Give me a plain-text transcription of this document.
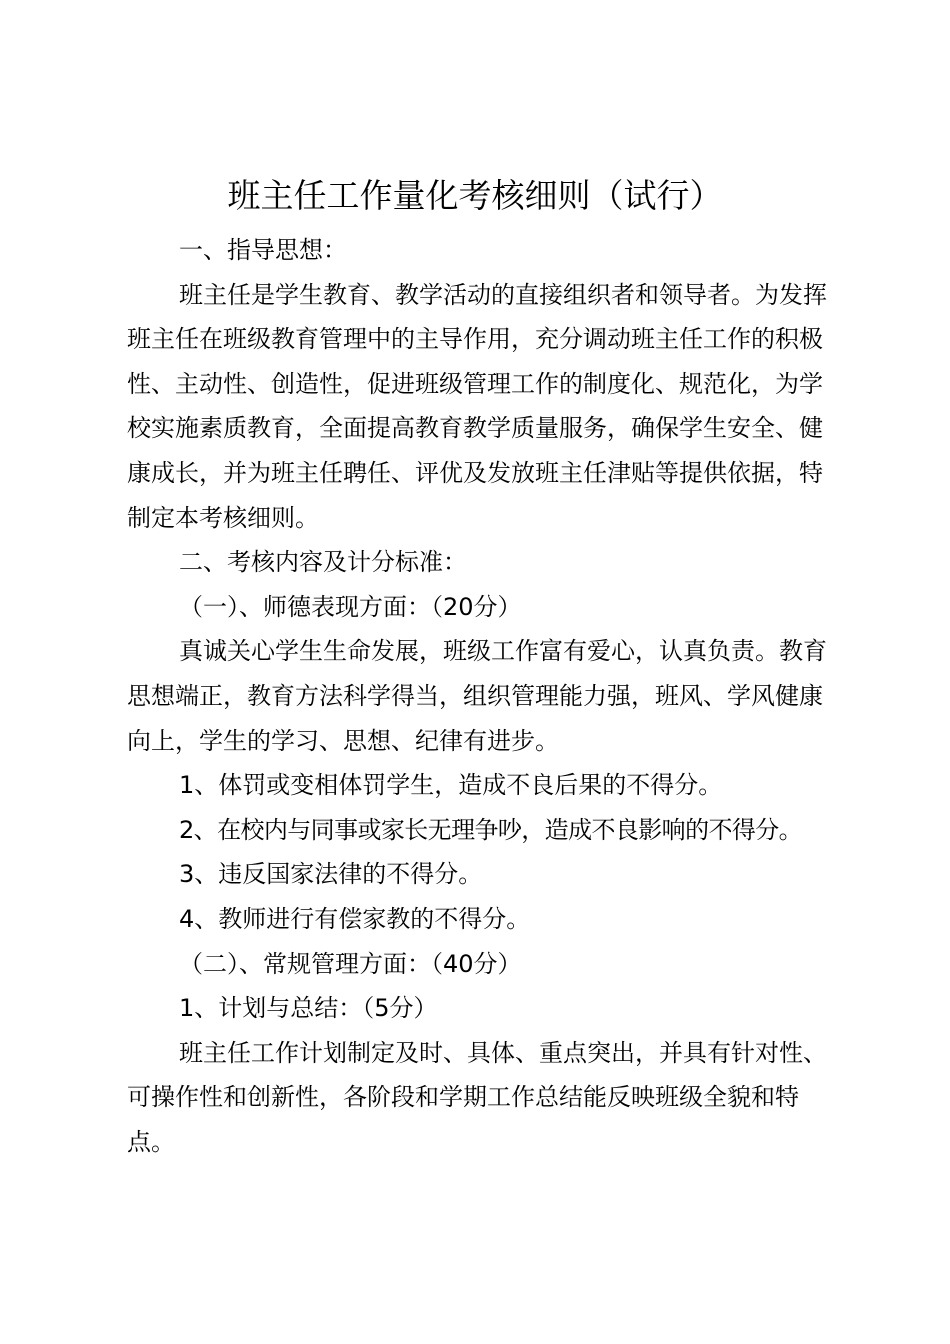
班主任工作量化考核细则（试行）

一、指导思想：

班主任是学生教育、教学活动的直接组织者和领导者。为发挥班主任在班级教育管理中的主导作用，充分调动班主任工作的积极性、主动性、创造性，促进班级管理工作的制度化、规范化，为学校实施素质教育，全面提高教育教学质量服务，确保学生安全、健康成长，并为班主任聘任、评优及发放班主任津贴等提供依据，特制定本考核细则。

二、考核内容及计分标准：

（一）、师德表现方面：（20分）

真诚关心学生生命发展，班级工作富有爱心，认真负责。教育思想端正，教育方法科学得当，组织管理能力强，班风、学风健康向上，学生的学习、思想、纪律有进步。

1、体罚或变相体罚学生，造成不良后果的不得分。

2、在校内与同事或家长无理争吵，造成不良影响的不得分。

3、违反国家法律的不得分。

4、教师进行有偿家教的不得分。

（二）、常规管理方面：（40分）

1、计划与总结：（5分）

班主任工作计划制定及时、具体、重点突出，并具有针对性、可操作性和创新性，各阶段和学期工作总结能反映班级全貌和特点。
